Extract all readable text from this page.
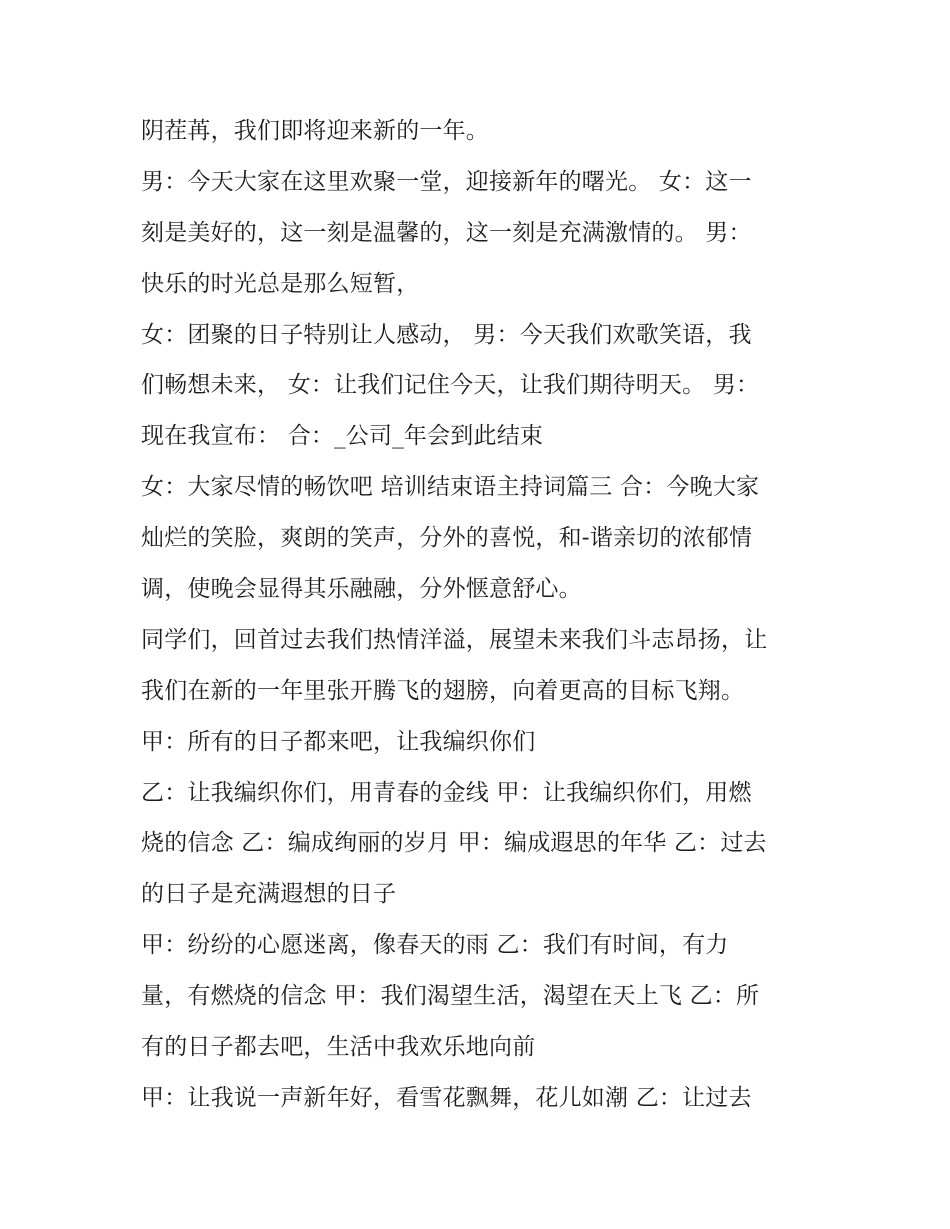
阴茬苒，我们即将迎来新的一年。
男：今天大家在这里欢聚一堂，迎接新年的曙光。 女：这一
刻是美好的，这一刻是温馨的，这一刻是充满激情的。 男：
快乐的时光总是那么短暂，
女：团聚的日子特别让人感动， 男：今天我们欢歌笑语，我
们畅想未来， 女：让我们记住今天，让我们期待明天。 男：
现在我宣布： 合：_公司_年会到此结束
女：大家尽情的畅饮吧 培训结束语主持词篇三 合：今晚大家
灿烂的笑脸，爽朗的笑声，分外的喜悦，和-谐亲切的浓郁情
调，使晚会显得其乐融融，分外惬意舒心。
同学们，回首过去我们热情洋溢，展望未来我们斗志昂扬，让
我们在新的一年里张开腾飞的翅膀，向着更高的目标飞翔。
甲：所有的日子都来吧，让我编织你们
乙：让我编织你们，用青春的金线 甲：让我编织你们，用燃
烧的信念 乙：编成绚丽的岁月 甲：编成遐思的年华 乙：过去
的日子是充满遐想的日子
甲：纷纷的心愿迷离，像春天的雨 乙：我们有时间，有力
量，有燃烧的信念 甲：我们渴望生活，渴望在天上飞 乙：所
有的日子都去吧，生活中我欢乐地向前
甲：让我说一声新年好，看雪花飘舞，花儿如潮 乙：让过去
